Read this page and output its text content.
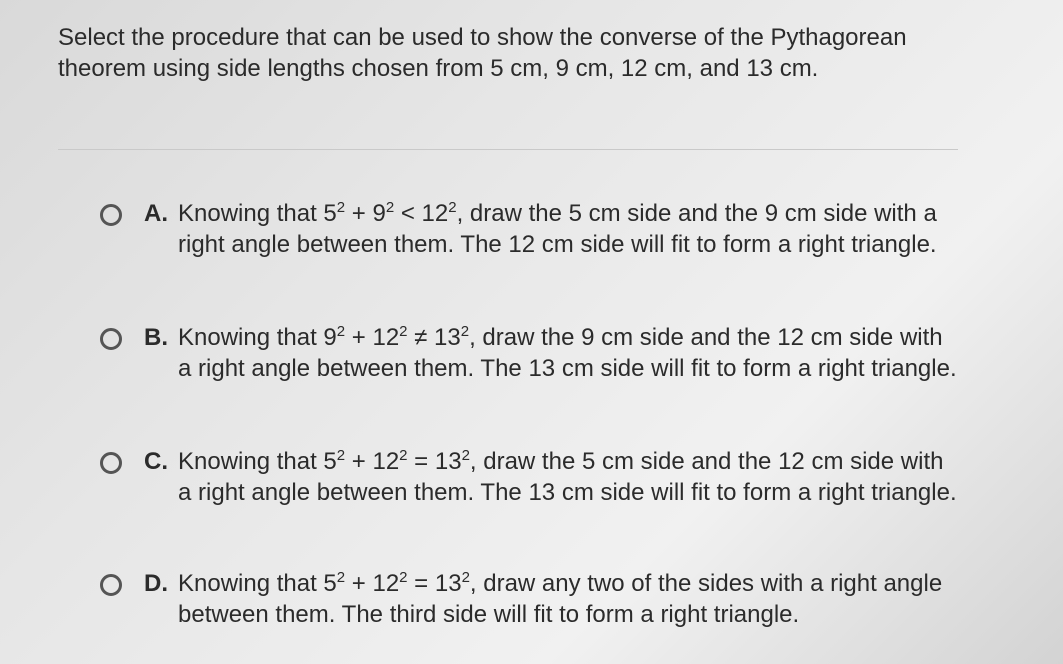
Select the procedure that can be used to show the converse of the Pythagorean theorem using side lengths chosen from 5 cm, 9 cm, 12 cm, and 13 cm.
A. Knowing that $5^2 + 9^2 < 12^2$, draw the 5 cm side and the 9 cm side with a right angle between them. The 12 cm side will fit to form a right triangle.
B. Knowing that $9^2 + 12^2 \ne 13^2$, draw the 9 cm side and the 12 cm side with a right angle between them. The 13 cm side will fit to form a right triangle.
C. Knowing that $5^2 + 12^2 = 13^2$, draw the 5 cm side and the 12 cm side with a right angle between them. The 13 cm side will fit to form a right triangle.
D. Knowing that $5^2 + 12^2 = 13^2$, draw any two of the sides with a right angle between them. The third side will fit to form a right triangle.
